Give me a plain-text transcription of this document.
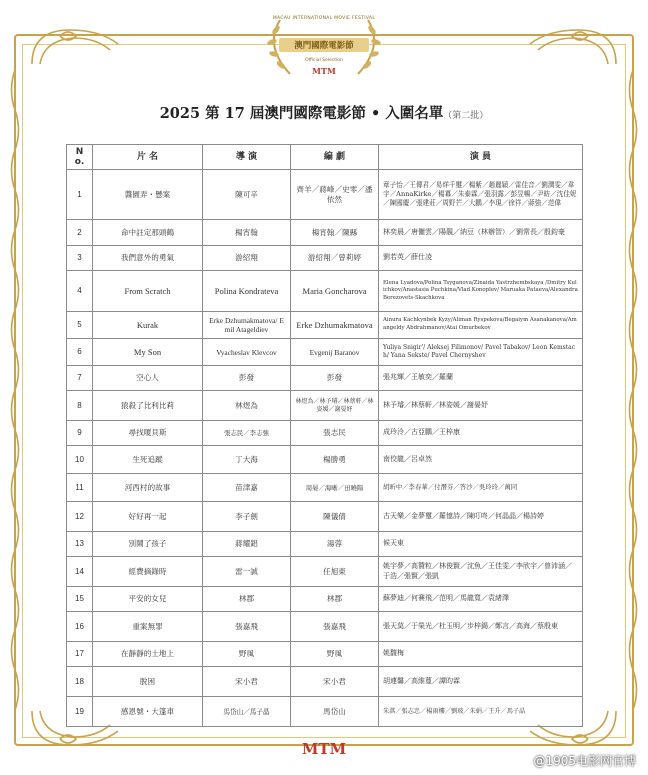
MACAU INTERNATIONAL MOVIE FESTIVAL
澳門國際電影節
Official Selection
MTM
2025 第 17 屆澳門國際電影節 • 入圍名單（第二批）
No.	片 名	導 演	編 劇	演 員
1	醬園弄・懸案	陳可辛	齊羊／蔣峰／史零／潘依然	章子怡／王傳君／易烊千璽／楊紫／趙麗穎／雷佳音／劉潤雯／韋宇／AnnaKirke／楊冪／朱泰霖／張羽露／彭昱暢／尹昉／沈佳妮／陳國慶／張建莊／周野芒／大鵬／李現／徐祥／蔣強／范偉
2	命中註定那頭鶴	楊宵翰	楊宵翰／陳縣	林奕晨／唐儷雲／陽靚／納豆（林辦智）／劉常長／殷鈞豪
3	我們意外的勇氣	游紹翔	游紹翔／曾莉婷	劉若英／薛仕凌
4	From Scratch	Polina Kondrateva	Maria Goncharova	Elena Lyadova/Polina Tsyganova/Zinaida Yastrzhembskaya /Dmitry Kulichkov/Anastasia Puchkina/Vlad Konoplev/ Maruaka Pataeva/Alexandra Berezovets-Skachkova
5	Kurak	Erke Dzhumakmatova/ Emil Atageldiev	Erke Dzhumakmatova	Ainura Kachkynbek Kyzy/Aliman Ryspekova/Begaiym Asanakanova/Amangeldy Abdrahmanov/Atai Omurbekov
6	My Son	Vyacheslav Klevcov	Evgenij Baranov	Yuliya Snigir'/ Aleksej Filimonov/ Pavel Tabakov/ Leon Kemstach/ Yana Sekste/ Pavel Chernyshev
7	空心人	彭發	彭發	張兆輝／王敏奕／羅蘭
8	猿殺了比利比莉	林煜為	林煜為／林予璿／林蔡軒／林姿媛／謝晏妤	林予璿／林蔡軒／林姿媛／謝晏妤
9	尋找嗄貝斯	張志民／李志強	張志民	成玲泠／古亞鵬／王梓康
10	生死追蹤	丁大海	楊勝勇	南佼龍／呂卓然
11	河西村的故事	苗津嘉	周晏／海晰／田曉陽	胡昕中／李春華／付潛芬／答沙／吳玲玲／萬同
12	好好再一起	李子劍	陳儀倩	古天樂／金夢璽／羅憶詩／陳叮咚／何晶晶／楊詩婷
13	別鬧了孩子	蔣耀鋁	湯蓉	候天東
14	經費摘錄時	雷一誠	任旭東	姚宇夢／高贊粒／林俊賢／沈魚／王佳雯／李欣宇／曾沛涵／于浩／張賢／張凱
15	平安的女兒	林郡	林郡	蘇夢迪／何賽飛／范明／馬龍寬／袁緒澤
16	重案無罪	張嘉飛	張嘉飛	張天莫／于榮光／杜玉明／步梓錫／鄭言／高海／蔡殷東
17	在靜靜的土地上	野風	野風	姚馥梅
18	脫困	宋小君	宋小君	胡連馨／高維蔓／譚昀霖
19	感恩號・大篷車	馬岱山／馬子晶	馬岱山	朱淇／張志忠／楊雨樓／劉玻／朱娟／王升／馬子晶
MTM
@1905电影网官博
